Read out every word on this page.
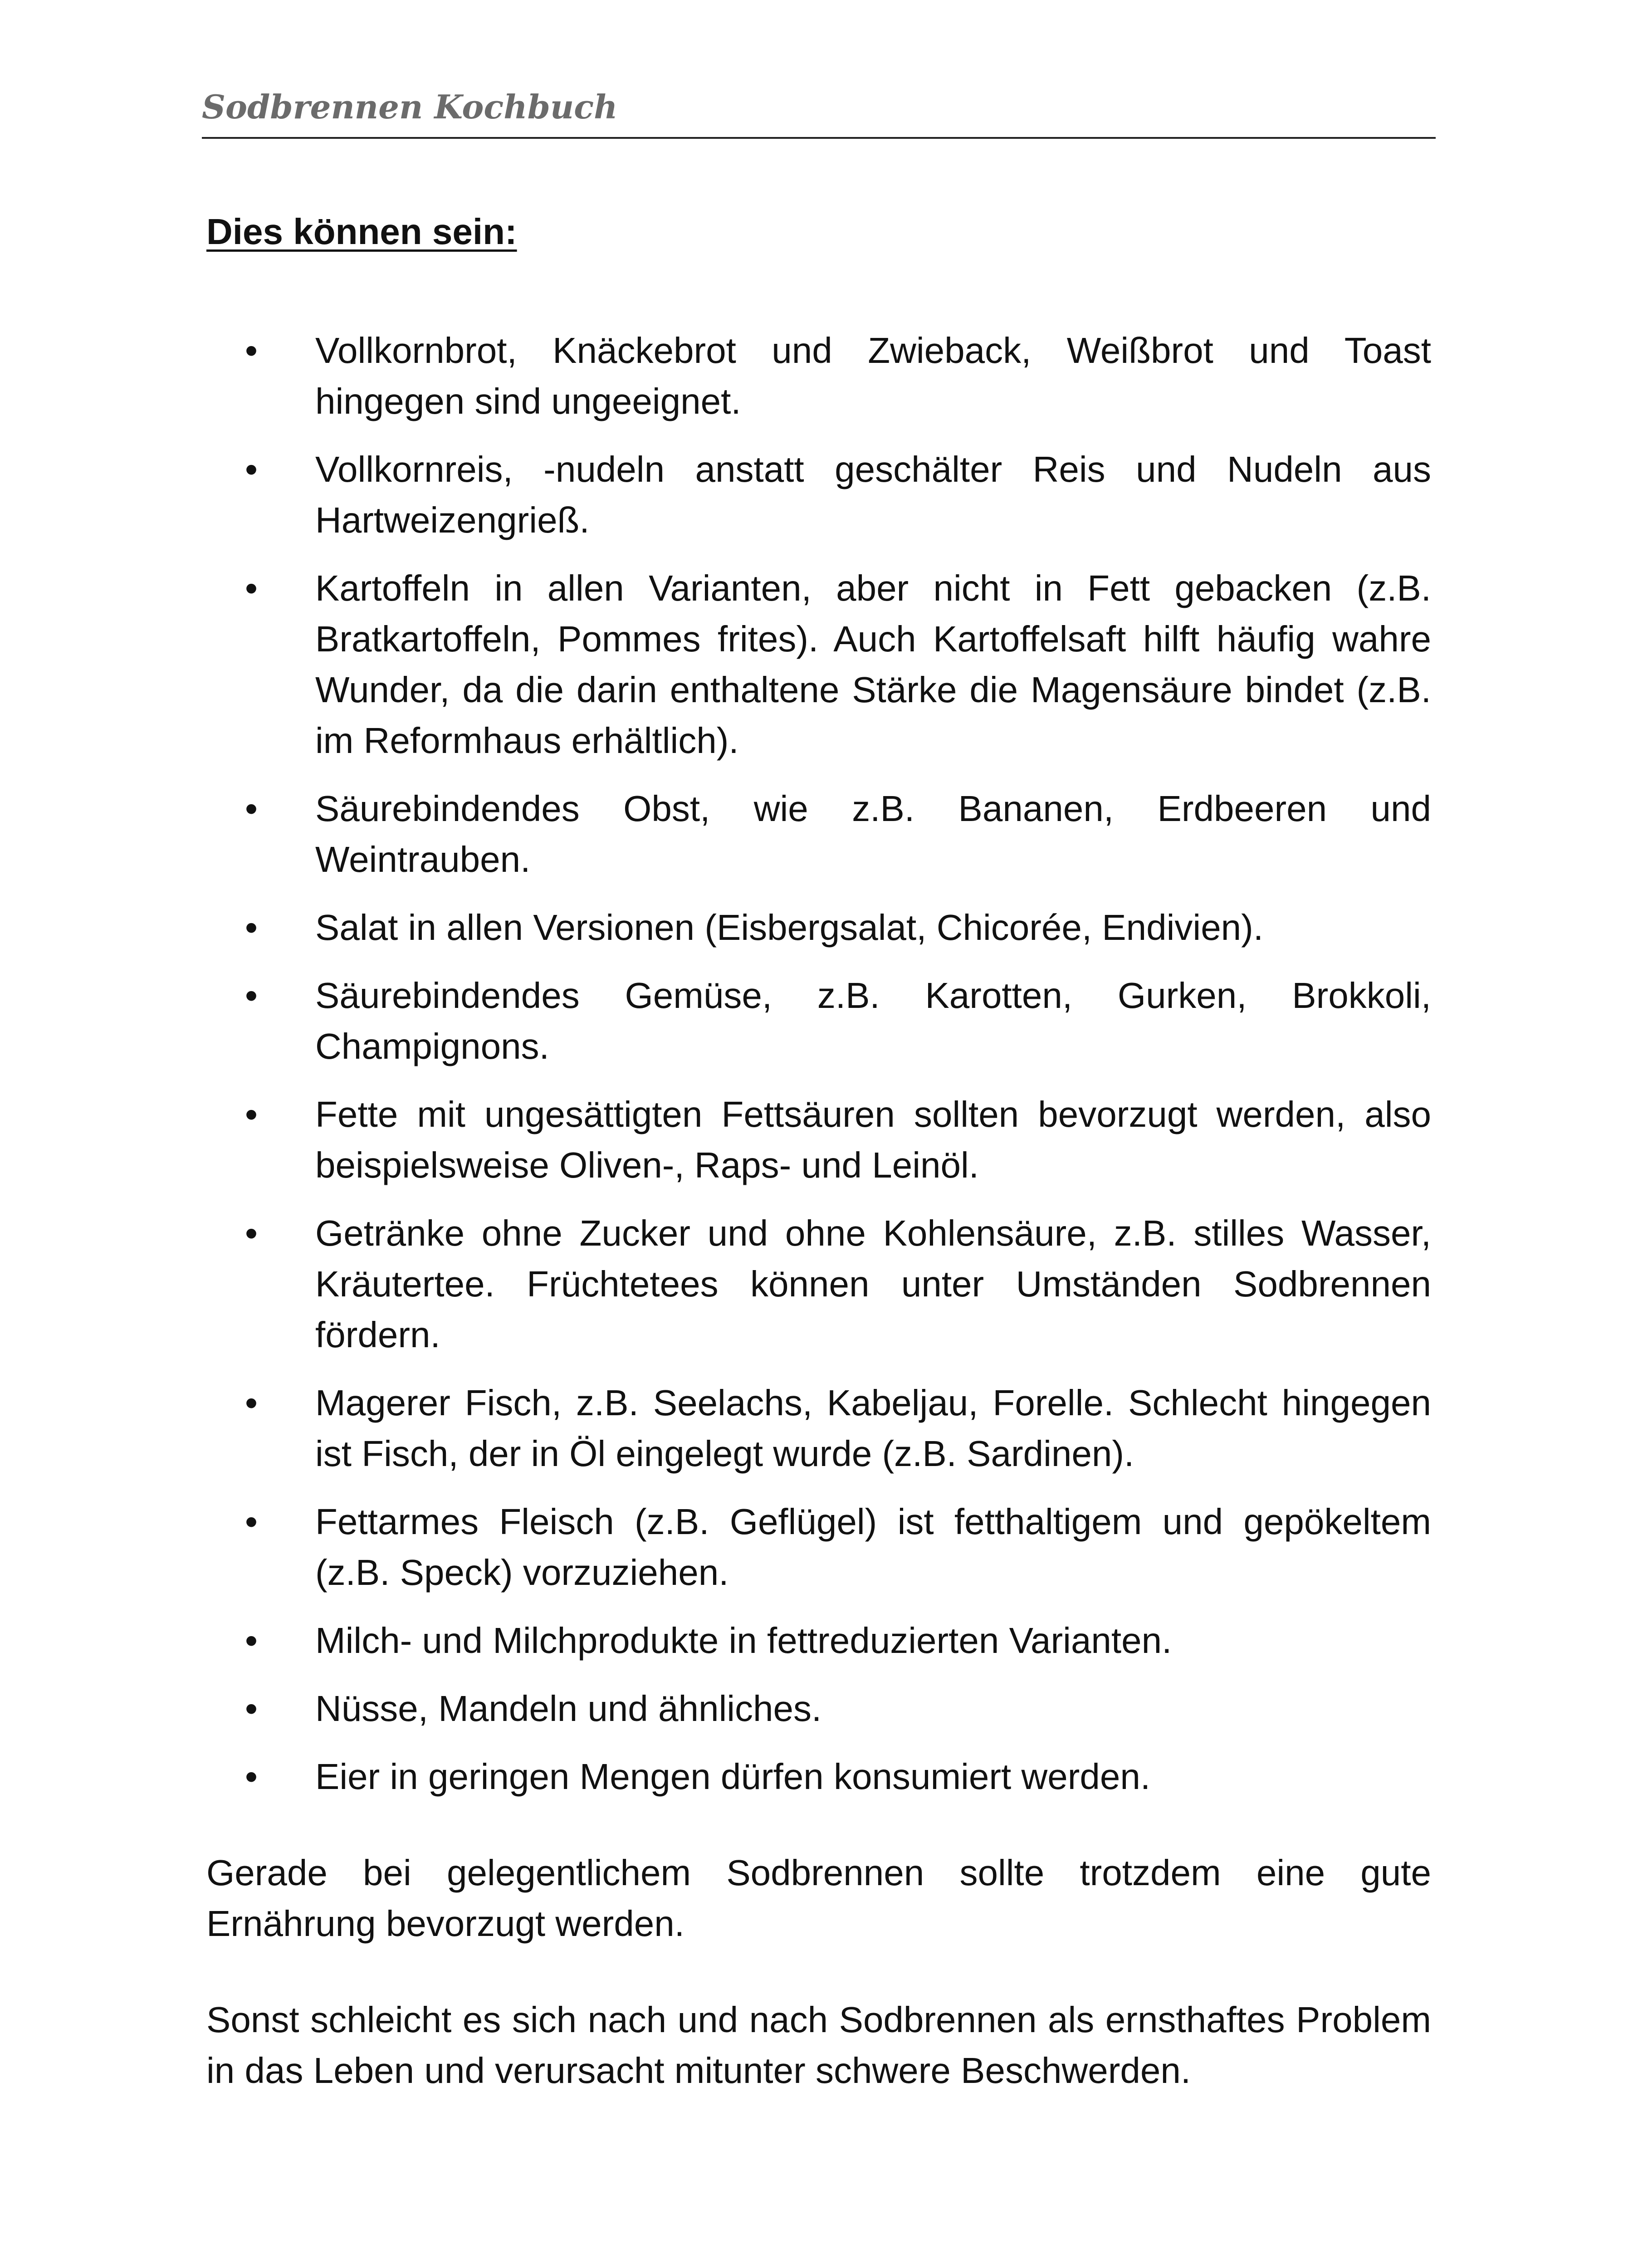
Sodbrennen Kochbuch
Dies können sein:
• Vollkornbrot, Knäckebrot und Zwieback, Weißbrot und Toast hingegen sind ungeeignet.
• Vollkornreis, -nudeln anstatt geschälter Reis und Nudeln aus Hartweizengrieß.
• Kartoffeln in allen Varianten, aber nicht in Fett gebacken (z.B. Bratkartoffeln, Pommes frites). Auch Kartoffelsaft hilft häufig wahre Wunder, da die darin enthaltene Stärke die Magensäure bindet (z.B. im Reformhaus erhältlich).
• Säurebindendes Obst, wie z.B. Bananen, Erdbeeren und Weintrauben.
• Salat in allen Versionen (Eisbergsalat, Chicorée, Endivien).
• Säurebindendes Gemüse, z.B. Karotten, Gurken, Brokkoli, Champignons.
• Fette mit ungesättigten Fettsäuren sollten bevorzugt werden, also beispielsweise Oliven-, Raps- und Leinöl.
• Getränke ohne Zucker und ohne Kohlensäure, z.B. stilles Wasser, Kräutertee. Früchtetees können unter Umständen Sodbrennen fördern.
• Magerer Fisch, z.B. Seelachs, Kabeljau, Forelle. Schlecht hingegen ist Fisch, der in Öl eingelegt wurde (z.B. Sardinen).
• Fettarmes Fleisch (z.B. Geflügel) ist fetthaltigem und gepökeltem (z.B. Speck) vorzuziehen.
• Milch- und Milchprodukte in fettreduzierten Varianten.
• Nüsse, Mandeln und ähnliches.
• Eier in geringen Mengen dürfen konsumiert werden.

Gerade bei gelegentlichem Sodbrennen sollte trotzdem eine gute Ernährung bevorzugt werden.

Sonst schleicht es sich nach und nach Sodbrennen als ernsthaftes Problem in das Leben und verursacht mitunter schwere Beschwerden.
